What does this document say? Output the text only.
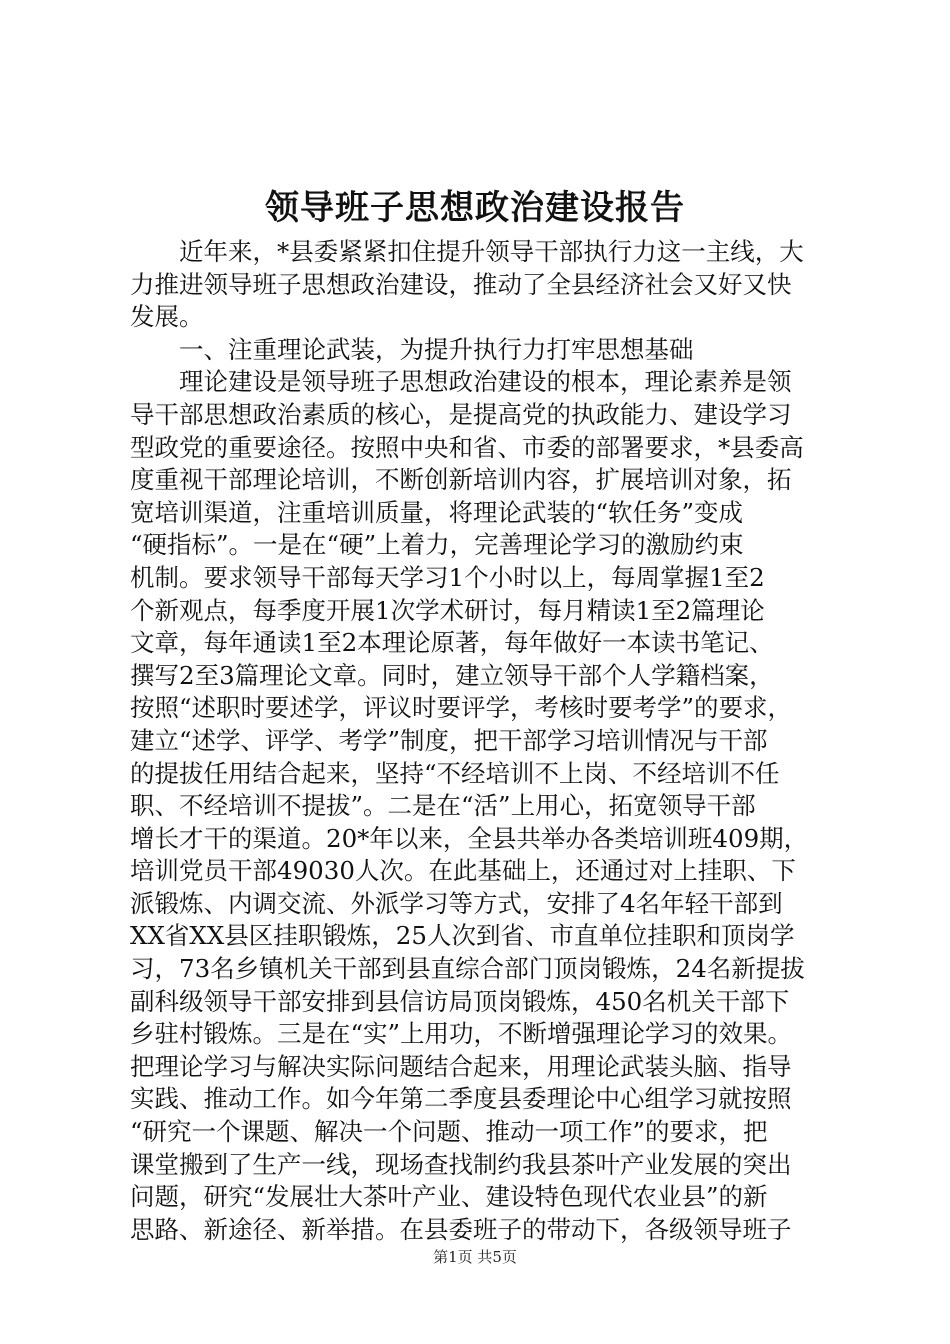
领导班子思想政治建设报告
近年来，*县委紧紧扣住提升领导干部执行力这一主线，大
力推进领导班子思想政治建设，推动了全县经济社会又好又快
发展。
一、注重理论武装，为提升执行力打牢思想基础
理论建设是领导班子思想政治建设的根本，理论素养是领
导干部思想政治素质的核心，是提高党的执政能力、建设学习
型政党的重要途径。按照中央和省、市委的部署要求，*县委高
度重视干部理论培训，不断创新培训内容，扩展培训对象，拓
宽培训渠道，注重培训质量，将理论武装的“软任务”变成
“硬指标”。一是在“硬”上着力，完善理论学习的激励约束
机制。要求领导干部每天学习1个小时以上，每周掌握1至2
个新观点，每季度开展1次学术研讨，每月精读1至2篇理论
文章，每年通读1至2本理论原著，每年做好一本读书笔记、
撰写2至3篇理论文章。同时，建立领导干部个人学籍档案，
按照“述职时要述学，评议时要评学，考核时要考学”的要求，
建立“述学、评学、考学”制度，把干部学习培训情况与干部
的提拔任用结合起来，坚持“不经培训不上岗、不经培训不任
职、不经培训不提拔”。二是在“活”上用心，拓宽领导干部
增长才干的渠道。20*年以来，全县共举办各类培训班409期，
培训党员干部49030人次。在此基础上，还通过对上挂职、下
派锻炼、内调交流、外派学习等方式，安排了4名年轻干部到
XX省XX县区挂职锻炼，25人次到省、市直单位挂职和顶岗学
习，73名乡镇机关干部到县直综合部门顶岗锻炼，24名新提拔
副科级领导干部安排到县信访局顶岗锻炼，450名机关干部下
乡驻村锻炼。三是在“实”上用功，不断增强理论学习的效果。
把理论学习与解决实际问题结合起来，用理论武装头脑、指导
实践、推动工作。如今年第二季度县委理论中心组学习就按照
“研究一个课题、解决一个问题、推动一项工作”的要求，把
课堂搬到了生产一线，现场查找制约我县茶叶产业发展的突出
问题，研究“发展壮大茶叶产业、建设特色现代农业县”的新
思路、新途径、新举措。在县委班子的带动下，各级领导班子
第1页 共5页
